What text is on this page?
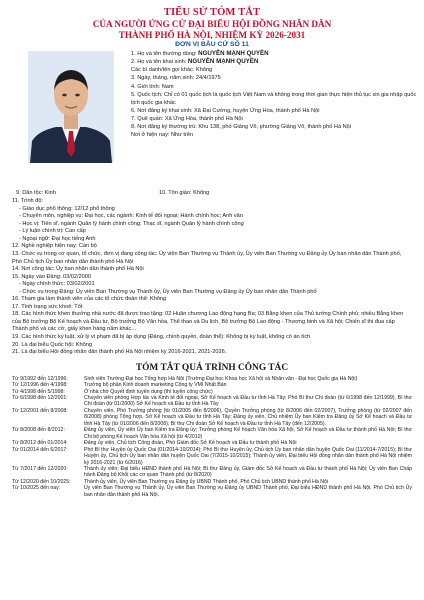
TIỂU SỬ TÓM TẮT
CỦA NGƯỜI ỨNG CỬ ĐẠI BIỂU HỘI ĐỒNG NHÂN DÂN
THÀNH PHỐ HÀ NỘI, NHIỆM KỲ 2026-2031
ĐƠN VỊ BẦU CỬ SỐ 11
1. Họ và tên thường dùng: NGUYỄN MẠNH QUYỀN
2. Họ và tên khai sinh: NGUYỄN MẠNH QUYỀN
Các bí danh/tên gọi khác: Không
3. Ngày, tháng, năm sinh: 24/4/1975
4. Giới tính: Nam
5. Quốc tịch: Chỉ có 01 quốc tịch là quốc tịch Việt Nam và không trong thời gian thực hiện thủ tục xin gia nhập quốc tịch quốc gia khác
6. Nơi đăng ký khai sinh: Xã Đại Cường, huyện Ứng Hòa, thành phố Hà Nội
7. Quê quán: Xã Ứng Hòa, thành phố Hà Nội
8. Nơi đăng ký thường trú: Khu 138, phố Giảng Võ, phường Giảng Võ, thành phố Hà Nội
Nơi ở hiện nay: Như trên
9. Dân tộc: Kinh	10. Tôn giáo: Không
11. Trình độ:
- Giáo dục phổ thông: 12/12 phổ thông
- Chuyên môn, nghiệp vụ: Đại học, các ngành: Kinh tế đối ngoại; Hành chính học; Anh văn
- Học vị: Tiến sĩ, ngành Quản lý hành chính công; Thạc sĩ, ngành Quản lý hành chính công
- Lý luận chính trị: Cao cấp
- Ngoại ngữ: Đại học tiếng Anh
12. Nghề nghiệp hiện nay: Cán bộ
13. Chức vụ trong cơ quan, tổ chức, đơn vị đang công tác: Ủy viên Ban Thường vụ Thành ủy, Ủy viên Ban Thường vụ Đảng ủy Ủy ban nhân dân Thành phố, Phó Chủ tịch Ủy ban nhân dân thành phố Hà Nội
14. Nơi công tác: Ủy ban nhân dân thành phố Hà Nội
15. Ngày vào Đảng: 03/02/2000
- Ngày chính thức: 03/02/2001
- Chức vụ trong Đảng: Ủy viên Ban Thường vụ Thành ủy, Ủy viên Ban Thường vụ Đảng ủy Ủy ban nhân dân Thành phố
16. Tham gia làm thành viên của các tổ chức đoàn thể: Không
17. Tình trạng sức khoẻ: Tốt
18. Các hình thức khen thưởng nhà nước đã được trao tặng: 02 Huân chương Lao động hạng Ba; 03 Bằng khen của Thủ tướng Chính phủ; nhiều Bằng khen của Bộ trưởng Bộ Kế hoạch và Đầu tư, Bộ trưởng Bộ Văn hóa, Thể thao và Du lịch, Bộ trưởng Bộ Lao động - Thương binh và Xã hội; Chiến sĩ thi đua cấp Thành phố và các cờ, giấy khen hàng năm khác...
19. Các hình thức kỷ luật, xử lý vi phạm đã bị áp dụng (Đảng, chính quyền, đoàn thể): Không bị kỷ luật, không có án tích
20. Là đại biểu Quốc hội: Không
21. Là đại biểu Hội đồng nhân dân thành phố Hà Nội nhiệm kỳ 2016-2021, 2021-2026.
TÓM TẮT QUÁ TRÌNH CÔNG TÁC
Từ 9/1992 đến 12/1996:	Sinh viên Trường Đại học Tổng hợp Hà Nội (Trường Đại học Khoa học Xã hội và Nhân văn - Đại học Quốc gia Hà Nội)
Từ 12/1996 đến 4/1998:	Trưởng bộ phận Kinh doanh marketing Công ty VMI Nhật Bản
Từ 4/1998 đến 5/1998:	Ở nhà chờ Quyết định tuyển dụng (thi tuyển công chức)
Từ 6/1998 đến 12/2001:	Chuyên viên phòng Hợp tác và Kinh tế đối ngoại, Sở Kế hoạch và Đầu tư tỉnh Hà Tây; Phó Bí thư Chi đoàn (từ 6/1998 đến 12/1999), Bí thư Chi đoàn (từ 01/2000) Sở Kế hoạch và Đầu tư tỉnh Hà Tây
Từ 12/2001 đến 8/2008:	Chuyên viên, Phó Trưởng phòng (từ 01/2005 đến 8/2006), Quyền Trưởng phòng (từ 8/2006 đến 02/2007), Trưởng phòng (từ 02/2007 đến 8/2008) phòng Tổng hợp, Sở Kế hoạch và Đầu tư tỉnh Hà Tây; Đảng ủy viên, Chủ nhiệm Ủy ban Kiểm tra Đảng ủy Sở Kế hoạch và Đầu tư tỉnh Hà Tây (từ 01/2006 đến 8/2008); Bí thư Chi đoàn Sở Kế hoạch và Đầu tư tỉnh Hà Tây (đến 12/2005).
Từ 8/2008 đến 8/2012:	Đảng ủy viên, Ủy viên Ủy ban Kiểm tra Đảng ủy; Trưởng phòng Kế hoạch Văn hóa Xã hội, Sở Kế hoạch và Đầu tư thành phố Hà Nội; Bí thư Chi bộ phòng Kế hoạch Văn hóa Xã hội (từ 4/2010)
Từ 8/2012 đến 01/2014:	Đảng ủy viên, Chủ tịch Công đoàn, Phó Giám đốc Sở Kế hoạch và Đầu tư thành phố Hà Nội
Từ 01/2014 đến 6/2017:	Phó Bí thư Huyện ủy Quốc Oai (01/2014-10/2014); Phó Bí thư Huyện ủy, Chủ tịch Ủy ban nhân dân huyện Quốc Oai (11/2014-7/2015); Bí thư Huyện ủy, Chủ tịch Ủy ban nhân dân huyện Quốc Oai (7/2015-10/2015); Thành ủy viên, Đại biểu Hội đồng nhân dân thành phố Hà Nội nhiệm kỳ 2016-2021 (từ 6/2016)
Từ 7/2017 đến 12/2020:	Thành ủy viên; Đại biểu HĐND thành phố Hà Nội; Bí thư Đảng ủy, Giám đốc Sở Kế hoạch và Đầu tư thành phố Hà Nội; Ủy viên Ban Chấp hành Đảng bộ Khối các cơ quan Thành phố (từ 8/2020)
Từ 12/2020 đến 10/2025:	Thành ủy viên, Ủy viên Ban Thường vụ Đảng ủy UBND Thành phố, Phó Chủ tịch UBND thành phố Hà Nội
Từ 10/2025 đến nay:	Ủy viên Ban Thường vụ Thành ủy, Ủy viên Ban Thường vụ Đảng ủy UBND Thành phố, Đại biểu HĐND thành phố Hà Nội, Phó Chủ tịch Ủy ban nhân dân thành phố Hà Nội.
